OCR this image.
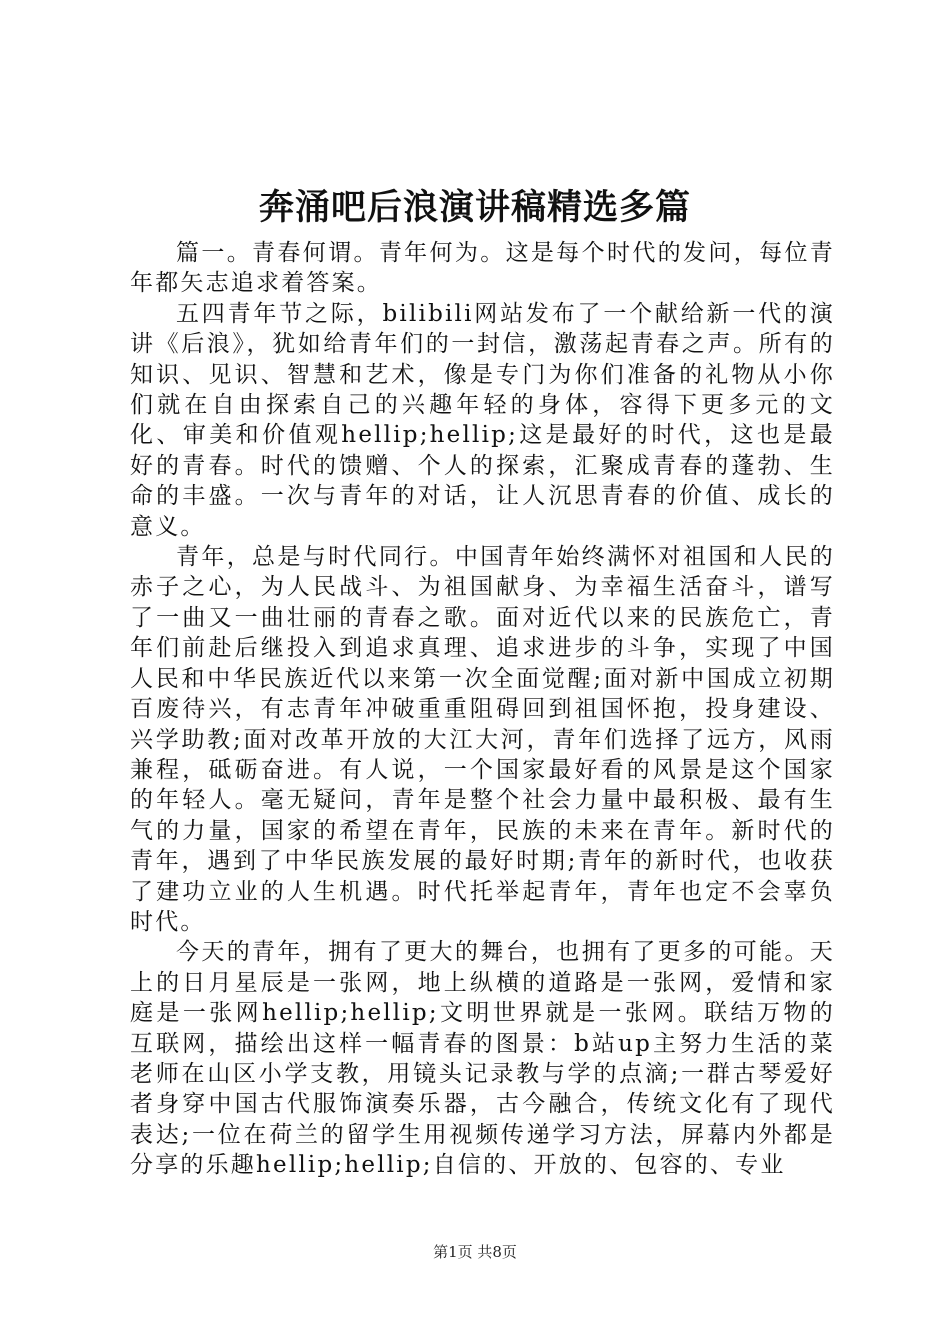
奔涌吧后浪演讲稿精选多篇

篇一。青春何谓。青年何为。这是每个时代的发问，每位青年都矢志追求着答案。

五四青年节之际，bilibili网站发布了一个献给新一代的演讲《后浪》，犹如给青年们的一封信，激荡起青春之声。所有的知识、见识、智慧和艺术，像是专门为你们准备的礼物从小你们就在自由探索自己的兴趣年轻的身体，容得下更多元的文化、审美和价值观hellip;hellip;这是最好的时代，这也是最好的青春。时代的馈赠、个人的探索，汇聚成青春的蓬勃、生命的丰盛。一次与青年的对话，让人沉思青春的价值、成长的意义。

青年，总是与时代同行。中国青年始终满怀对祖国和人民的赤子之心，为人民战斗、为祖国献身、为幸福生活奋斗，谱写了一曲又一曲壮丽的青春之歌。面对近代以来的民族危亡，青年们前赴后继投入到追求真理、追求进步的斗争，实现了中国人民和中华民族近代以来第一次全面觉醒;面对新中国成立初期百废待兴，有志青年冲破重重阻碍回到祖国怀抱，投身建设、兴学助教;面对改革开放的大江大河，青年们选择了远方，风雨兼程，砥砺奋进。有人说，一个国家最好看的风景是这个国家的年轻人。毫无疑问，青年是整个社会力量中最积极、最有生气的力量，国家的希望在青年，民族的未来在青年。新时代的青年，遇到了中华民族发展的最好时期;青年的新时代，也收获了建功立业的人生机遇。时代托举起青年，青年也定不会辜负时代。

今天的青年，拥有了更大的舞台，也拥有了更多的可能。天上的日月星辰是一张网，地上纵横的道路是一张网，爱情和家庭是一张网hellip;hellip;文明世界就是一张网。联结万物的互联网，描绘出这样一幅青春的图景：b站up主努力生活的菜老师在山区小学支教，用镜头记录教与学的点滴;一群古琴爱好者身穿中国古代服饰演奏乐器，古今融合，传统文化有了现代表达;一位在荷兰的留学生用视频传递学习方法，屏幕内外都是分享的乐趣hellip;hellip;自信的、开放的、包容的、专业

第1页 共8页
